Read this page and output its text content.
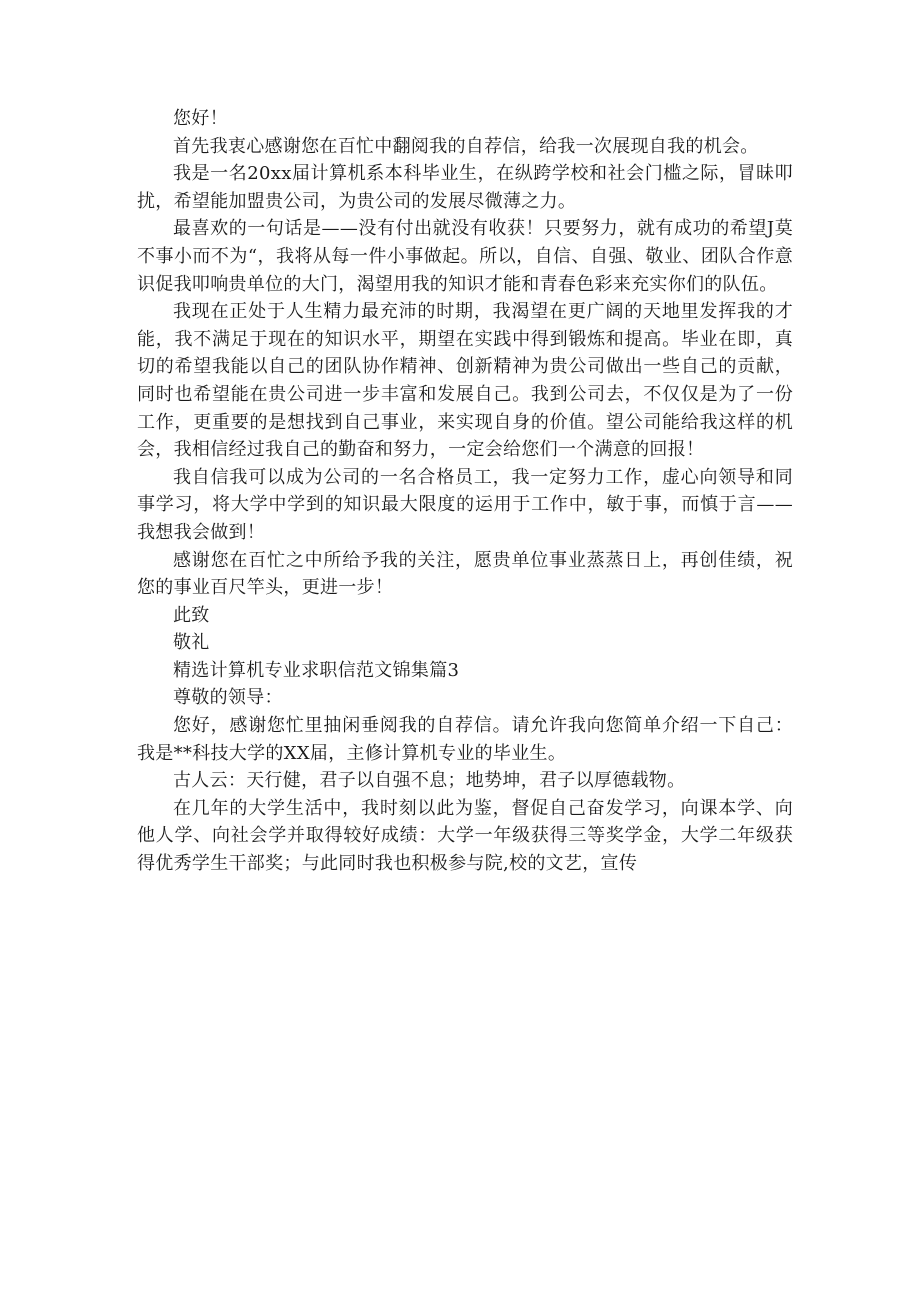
您好！

首先我衷心感谢您在百忙中翻阅我的自荐信，给我一次展现自我的机会。

我是一名20xx届计算机系本科毕业生，在纵跨学校和社会门槛之际，冒昧叩扰，希望能加盟贵公司，为贵公司的发展尽微薄之力。

最喜欢的一句话是——没有付出就没有收获！只要努力，就有成功的希望J莫不事小而不为“，我将从每一件小事做起。所以，自信、自强、敬业、团队合作意识促我叩响贵单位的大门，渴望用我的知识才能和青春色彩来充实你们的队伍。

我现在正处于人生精力最充沛的时期，我渴望在更广阔的天地里发挥我的才能，我不满足于现在的知识水平，期望在实践中得到锻炼和提高。毕业在即，真切的希望我能以自己的团队协作精神、创新精神为贵公司做出一些自己的贡献，同时也希望能在贵公司进一步丰富和发展自己。我到公司去，不仅仅是为了一份工作，更重要的是想找到自己事业，来实现自身的价值。望公司能给我这样的机会，我相信经过我自己的勤奋和努力，一定会给您们一个满意的回报！

我自信我可以成为公司的一名合格员工，我一定努力工作，虚心向领导和同事学习，将大学中学到的知识最大限度的运用于工作中，敏于事，而慎于言——我想我会做到！

感谢您在百忙之中所给予我的关注，愿贵单位事业蒸蒸日上，再创佳绩，祝您的事业百尺竿头，更进一步！

此致

敬礼

精选计算机专业求职信范文锦集篇3

尊敬的领导：

您好，感谢您忙里抽闲垂阅我的自荐信。请允许我向您简单介绍一下自己：我是**科技大学的XX届，主修计算机专业的毕业生。

古人云：天行健，君子以自强不息；地势坤，君子以厚德载物。

在几年的大学生活中，我时刻以此为鉴，督促自己奋发学习，向课本学、向他人学、向社会学并取得较好成绩：大学一年级获得三等奖学金，大学二年级获得优秀学生干部奖；与此同时我也积极参与院,校的文艺，宣传
